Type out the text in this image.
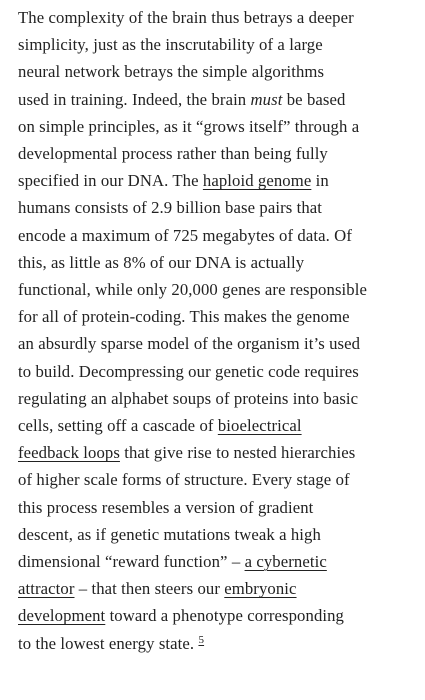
The complexity of the brain thus betrays a deeper

simplicity, just as the inscrutability of a large

neural network betrays the simple algorithms

used in training. Indeed, the brain must be based

on simple principles, as it “grows itself” through a

developmental process rather than being fully

specified in our DNA. The haploid genome in

humans consists of 2.9 billion base pairs that

encode a maximum of 725 megabytes of data. Of

this, as little as 8% of our DNA is actually

functional, while only 20,000 genes are responsible

for all of protein-coding. This makes the genome

an absurdly sparse model of the organism it’s used

to build. Decompressing our genetic code requires

regulating an alphabet soups of proteins into basic

cells, setting off a cascade of bioelectrical

feedback loops that give rise to nested hierarchies

of higher scale forms of structure. Every stage of

this process resembles a version of gradient

descent, as if genetic mutations tweak a high

dimensional “reward function” – a cybernetic

attractor – that then steers our embryonic

development toward a phenotype corresponding

to the lowest energy state. $^5$
